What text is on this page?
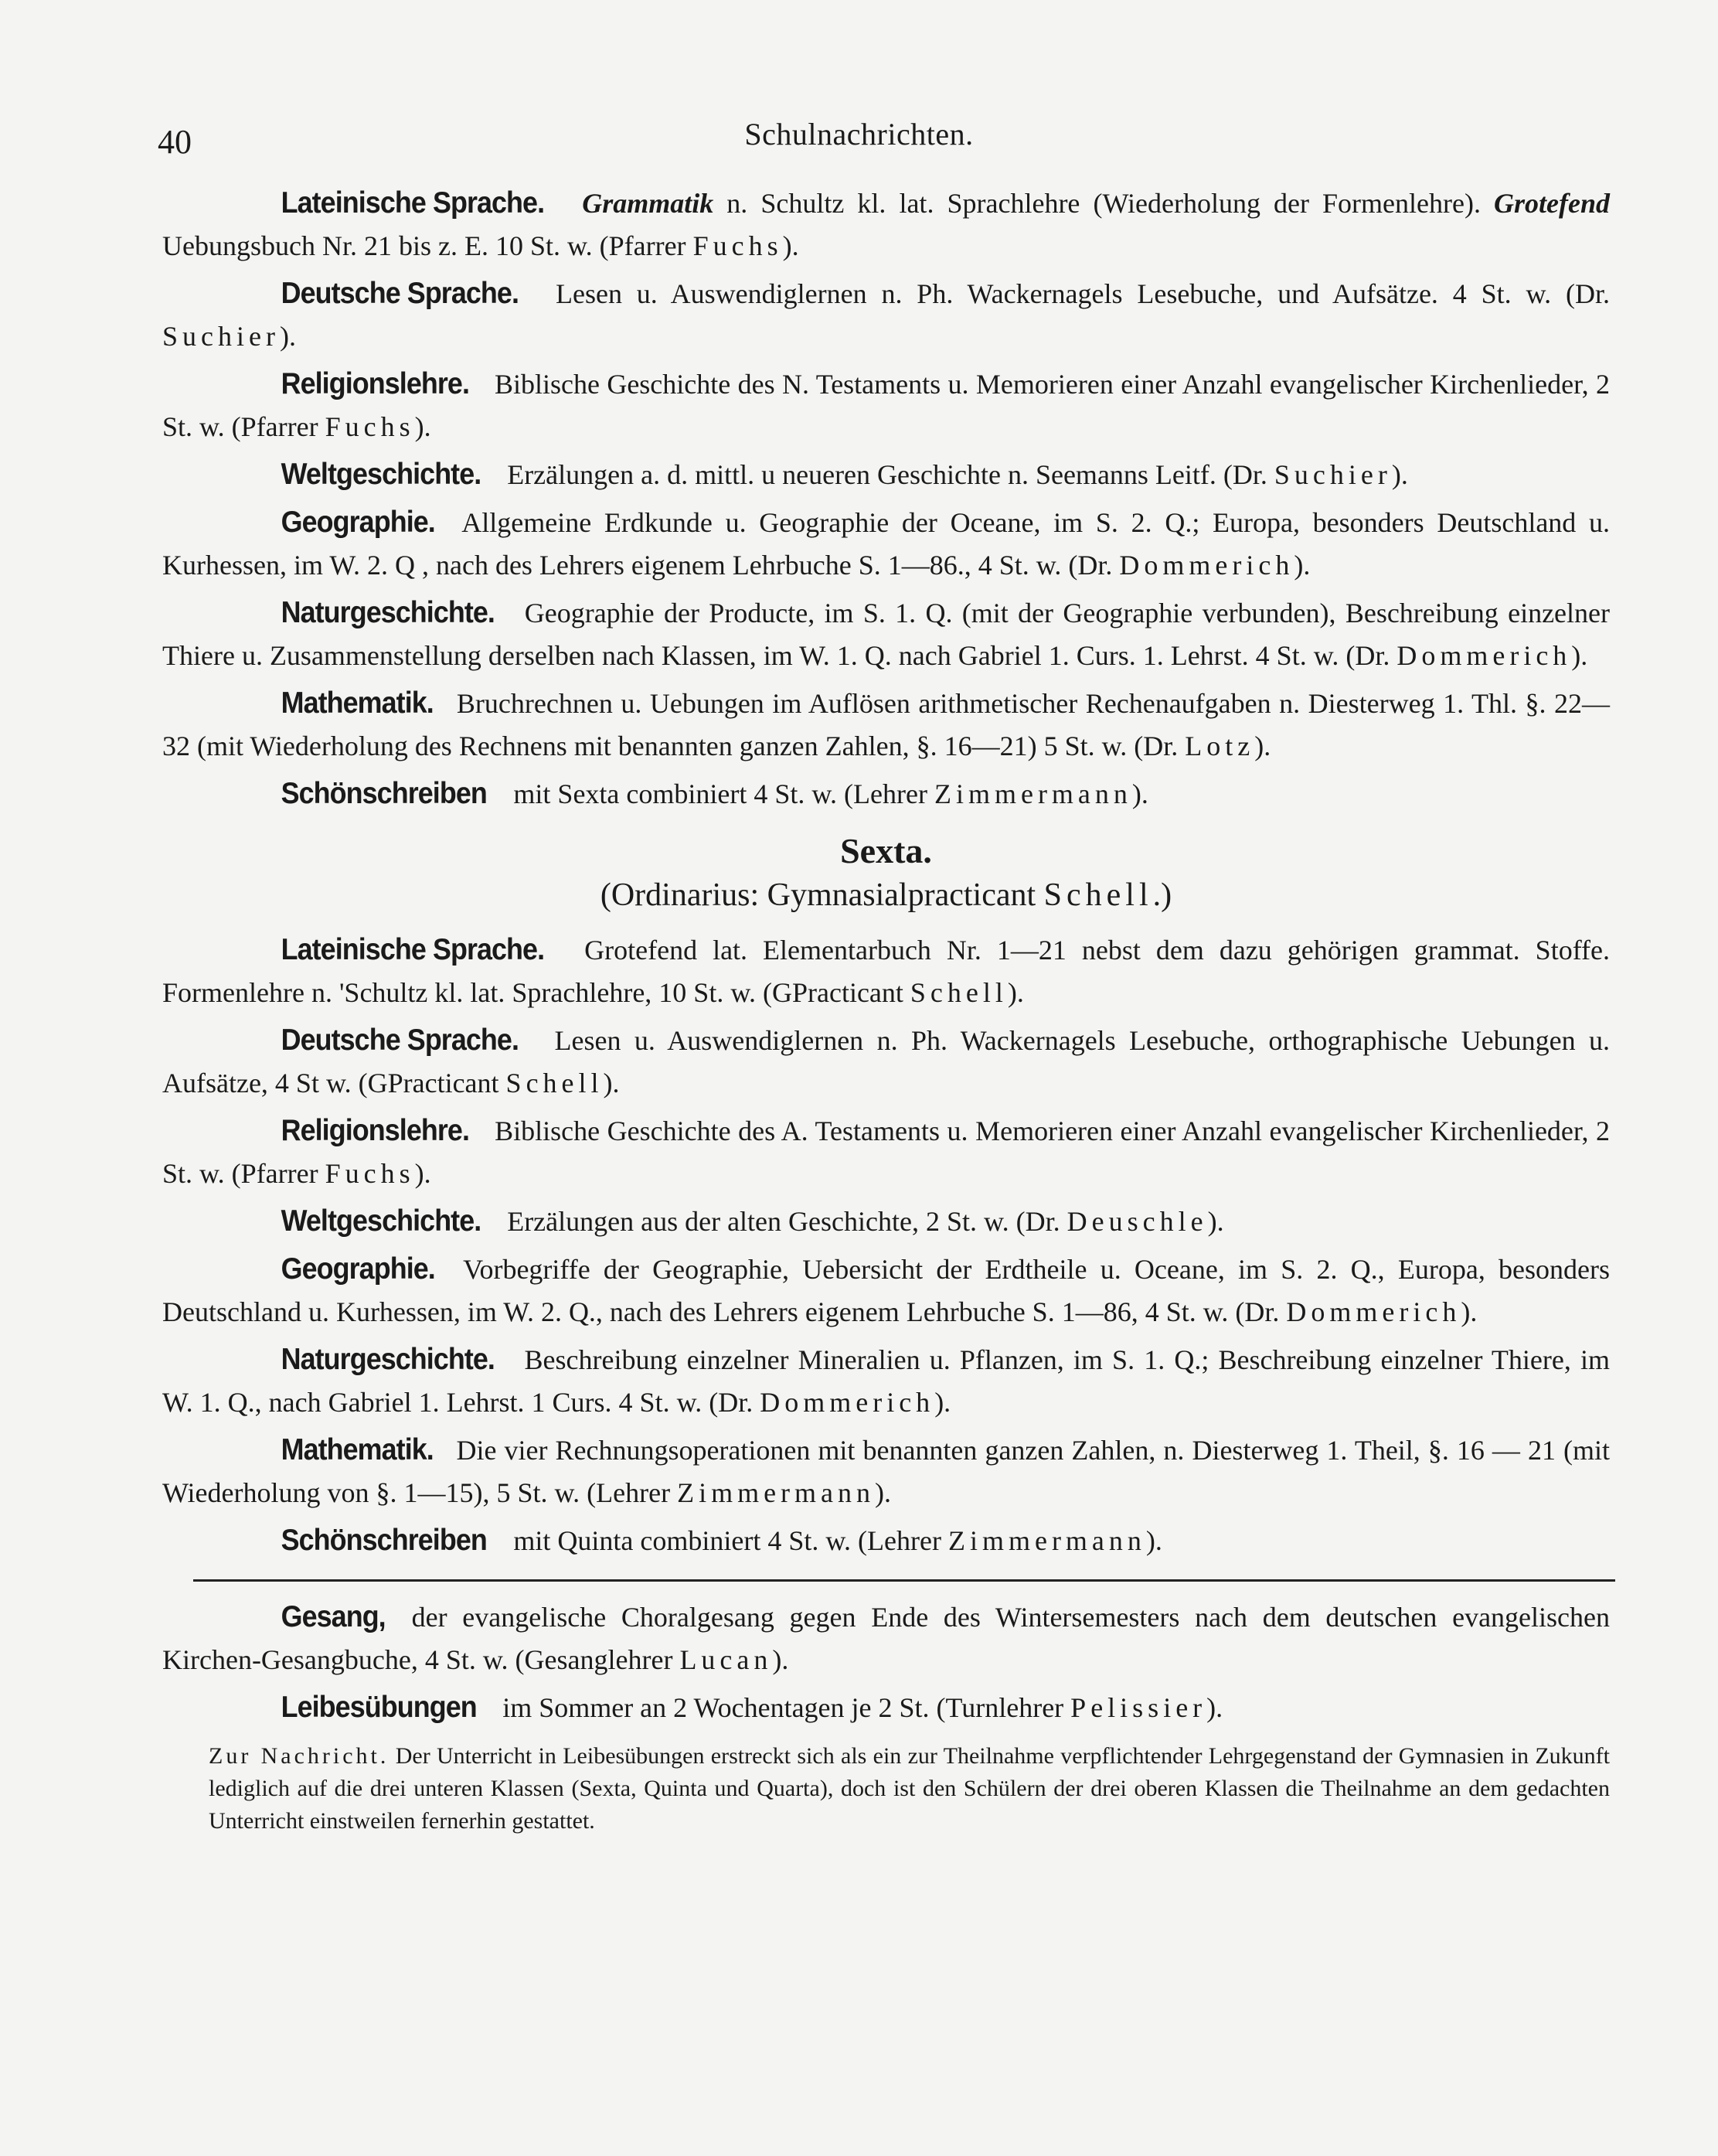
40	Schulnachrichten.

Lateinische Sprache. Grammatik n. Schultz kl. lat. Sprachlehre (Wiederholung der Formenlehre). Grotefend Uebungsbuch Nr. 21 bis z. E. 10 St. w. (Pfarrer Fuchs).

Deutsche Sprache. Lesen u. Auswendiglernen n. Ph. Wackernagels Lesebuche, und Aufsätze. 4 St. w. (Dr. Suchier).

Religionslehre. Biblische Geschichte des N. Testaments u. Memorieren einer Anzahl evangelischer Kirchenlieder, 2 St. w. (Pfarrer Fuchs).

Weltgeschichte. Erzälungen a. d. mittl. u neueren Geschichte n. Seemanns Leitf. (Dr. Suchier).

Geographie. Allgemeine Erdkunde u. Geographie der Oceane, im S. 2. Q.; Europa, besonders Deutschland u. Kurhessen, im W. 2. Q , nach des Lehrers eigenem Lehrbuche S. 1—86., 4 St. w. (Dr. Dommerich).

Naturgeschichte. Geographie der Producte, im S. 1. Q. (mit der Geographie verbunden), Beschreibung einzelner Thiere u. Zusammenstellung derselben nach Klassen, im W. 1. Q. nach Gabriel 1. Curs. 1. Lehrst. 4 St. w. (Dr. Dommerich).

Mathematik. Bruchrechnen u. Uebungen im Auflösen arithmetischer Rechenaufgaben n. Diesterweg 1. Thl. §. 22—32 (mit Wiederholung des Rechnens mit benannten ganzen Zahlen, §. 16—21) 5 St. w. (Dr. Lotz).

Schönschreiben mit Sexta combiniert 4 St. w. (Lehrer Zimmermann).

Sexta.
(Ordinarius: Gymnasialpracticant Schell.)

Lateinische Sprache. Grotefend lat. Elementarbuch Nr. 1—21 nebst dem dazu gehörigen grammat. Stoffe. Formenlehre n. 'Schultz kl. lat. Sprachlehre, 10 St. w. (GPracticant Schell).

Deutsche Sprache. Lesen u. Auswendiglernen n. Ph. Wackernagels Lesebuche, orthographische Uebungen u. Aufsätze, 4 St w. (GPracticant Schell).

Religionslehre. Biblische Geschichte des A. Testaments u. Memorieren einer Anzahl evangelischer Kirchenlieder, 2 St. w. (Pfarrer Fuchs).

Weltgeschichte. Erzälungen aus der alten Geschichte, 2 St. w. (Dr. Deuschle).

Geographie. Vorbegriffe der Geographie, Uebersicht der Erdtheile u. Oceane, im S. 2. Q., Europa, besonders Deutschland u. Kurhessen, im W. 2. Q., nach des Lehrers eigenem Lehrbuche S. 1—86, 4 St. w. (Dr. Dommerich).

Naturgeschichte. Beschreibung einzelner Mineralien u. Pflanzen, im S. 1. Q.; Beschreibung einzelner Thiere, im W. 1. Q., nach Gabriel 1. Lehrst. 1 Curs. 4 St. w. (Dr. Dommerich).

Mathematik. Die vier Rechnungsoperationen mit benannten ganzen Zahlen, n. Diesterweg 1. Theil, §. 16 — 21 (mit Wiederholung von §. 1—15), 5 St. w. (Lehrer Zimmermann).

Schönschreiben mit Quinta combiniert 4 St. w. (Lehrer Zimmermann).

Gesang, der evangelische Choralgesang gegen Ende des Wintersemesters nach dem deutschen evangelischen Kirchen-Gesangbuche, 4 St. w. (Gesanglehrer Lucan).

Leibesübungen im Sommer an 2 Wochentagen je 2 St. (Turnlehrer Pelissier).

Zur Nachricht. Der Unterricht in Leibesübungen erstreckt sich als ein zur Theilnahme verpflichtender Lehrgegenstand der Gymnasien in Zukunft lediglich auf die drei unteren Klassen (Sexta, Quinta und Quarta), doch ist den Schülern der drei oberen Klassen die Theilnahme an dem gedachten Unterricht einstweilen fernerhin gestattet.
